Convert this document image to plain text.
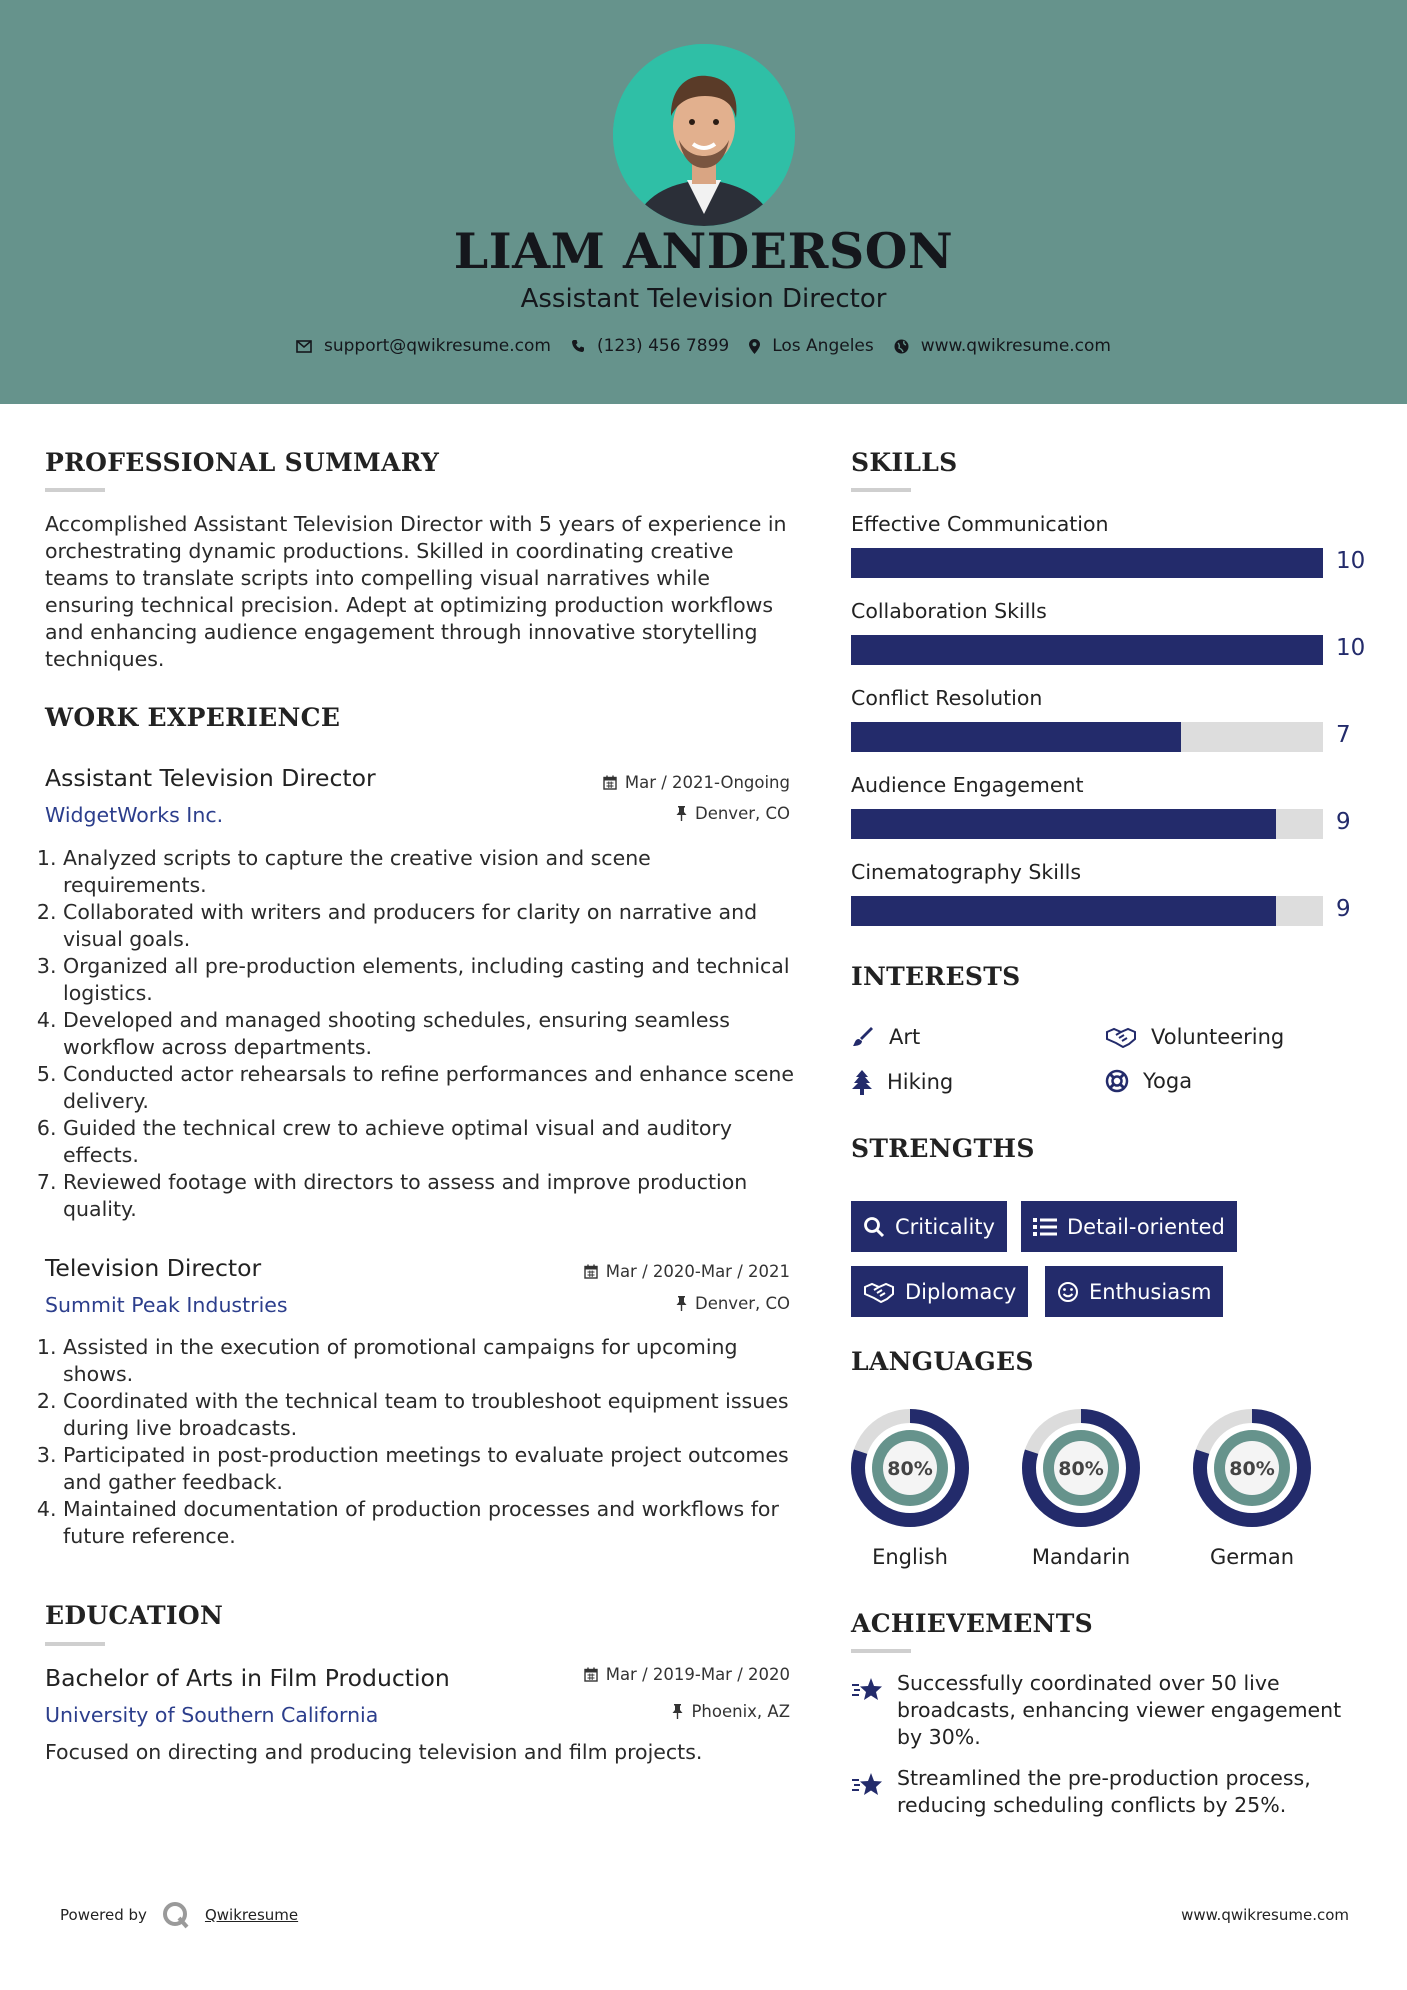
LIAM ANDERSON
Assistant Television Director
support@qwikresume.com	(123) 456 7899	Los Angeles	www.qwikresume.com
PROFESSIONAL SUMMARY
Accomplished Assistant Television Director with 5 years of experience in orchestrating dynamic productions. Skilled in coordinating creative teams to translate scripts into compelling visual narratives while ensuring technical precision. Adept at optimizing production workflows and enhancing audience engagement through innovative storytelling techniques.
WORK EXPERIENCE
Assistant Television Director
WidgetWorks Inc.
Mar / 2021-Ongoing
Denver, CO
1. Analyzed scripts to capture the creative vision and scene requirements.
2. Collaborated with writers and producers for clarity on narrative and visual goals.
3. Organized all pre-production elements, including casting and technical logistics.
4. Developed and managed shooting schedules, ensuring seamless workflow across departments.
5. Conducted actor rehearsals to refine performances and enhance scene delivery.
6. Guided the technical crew to achieve optimal visual and auditory effects.
7. Reviewed footage with directors to assess and improve production quality.
Television Director
Summit Peak Industries
Mar / 2020-Mar / 2021
Denver, CO
1. Assisted in the execution of promotional campaigns for upcoming shows.
2. Coordinated with the technical team to troubleshoot equipment issues during live broadcasts.
3. Participated in post-production meetings to evaluate project outcomes and gather feedback.
4. Maintained documentation of production processes and workflows for future reference.
EDUCATION
Bachelor of Arts in Film Production
University of Southern California
Mar / 2019-Mar / 2020
Phoenix, AZ
Focused on directing and producing television and film projects.
SKILLS
Effective Communication
10
Collaboration Skills
10
Conflict Resolution
7
Audience Engagement
9
Cinematography Skills
9
INTERESTS
Art	Volunteering
Hiking	Yoga
STRENGTHS
Criticality	Detail-oriented
Diplomacy	Enthusiasm
LANGUAGES
80%
English
80%
Mandarin
80%
German
ACHIEVEMENTS
Successfully coordinated over 50 live broadcasts, enhancing viewer engagement by 30%.
Streamlined the pre-production process, reducing scheduling conflicts by 25%.
Powered by	Qwikresume	www.qwikresume.com
